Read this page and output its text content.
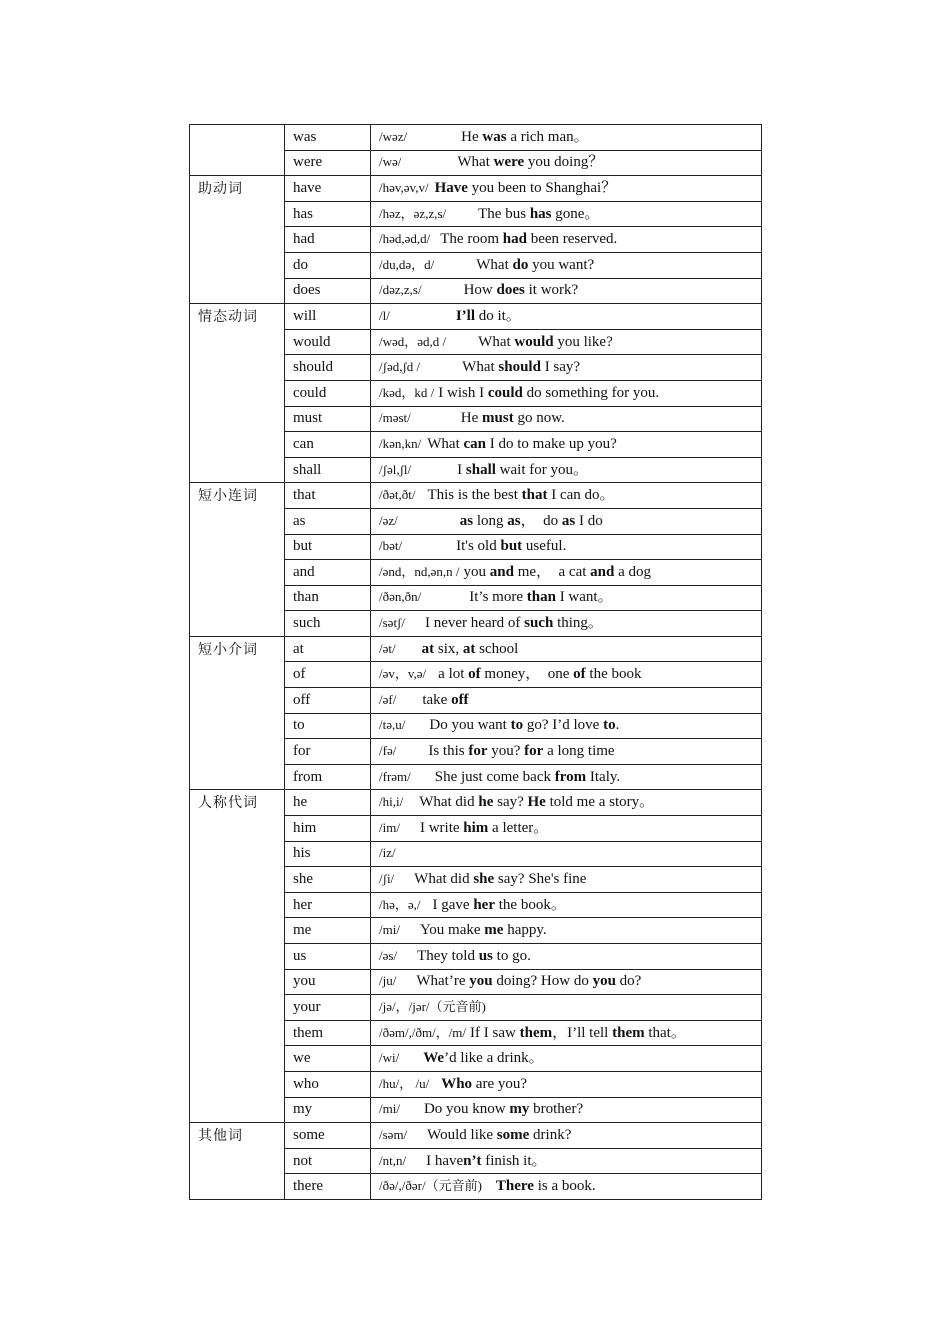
	was	/wəz/ He was a rich man。
	were	/wə/ What were you doing？
助动词	have	/həv,əv,v/ Have you been to Shanghai？
	has	/həz，əz,z,s/ The bus has gone。
	had	/həd,əd,d/ The room had been reserved.
	do	/du,də，d/ What do you want?
	does	/dəz,z,s/ How does it work?
情态动词	will	/l/ I’ll do it。
	would	/wəd，əd,d / What would you like?
	should	/ʃəd,ʃd / What should I say?
	could	/kəd，kd / I wish I could do something for you.
	must	/məst/ He must go now.
	can	/kən,kn/ What can I do to make up you?
	shall	/ʃəl,ʃl/ I shall wait for you。
短小连词	that	/ðət,ðt/ This is the best that I can do。
	as	/əz/ as long as，  do as I do
	but	/bət/ It's old but useful.
	and	/ənd，nd,ən,n / you and me，  a cat and a dog
	than	/ðən,ðn/ It’s more than I want。
	such	/sətʃ/ I never heard of such thing。
短小介词	at	/ət/ at six, at school
	of	/əv，v,ə/ a lot of money，  one of the book
	off	/əf/ take off
	to	/tə,u/ Do you want to go? I’d love to.
	for	/fə/ Is this for you? for a long time
	from	/frəm/ She just come back from Italy.
人称代词	he	/hi,i/ What did he say? He told me a story。
	him	/im/ I write him a letter。
	his	/iz/
	she	/ʃi/ What did she say? She's fine
	her	/hə，ə,/ I gave her the book。
	me	/mi/ You make me happy.
	us	/əs/ They told us to go.
	you	/ju/ What’re you doing? How do you do?
	your	/jə/，/jər/（元音前)
	them	/ðəm/,/ðm/，/m/ If I saw them，I’ll tell them that。
	we	/wi/ We’d like a drink。
	who	/hu/， /u/ Who are you?
	my	/mi/ Do you know my brother?
其他词	some	/səm/ Would like some drink?
	not	/nt,n/ I haven’t finish it。
	there	/ðə/,/ðər/（元音前) There is a book.
